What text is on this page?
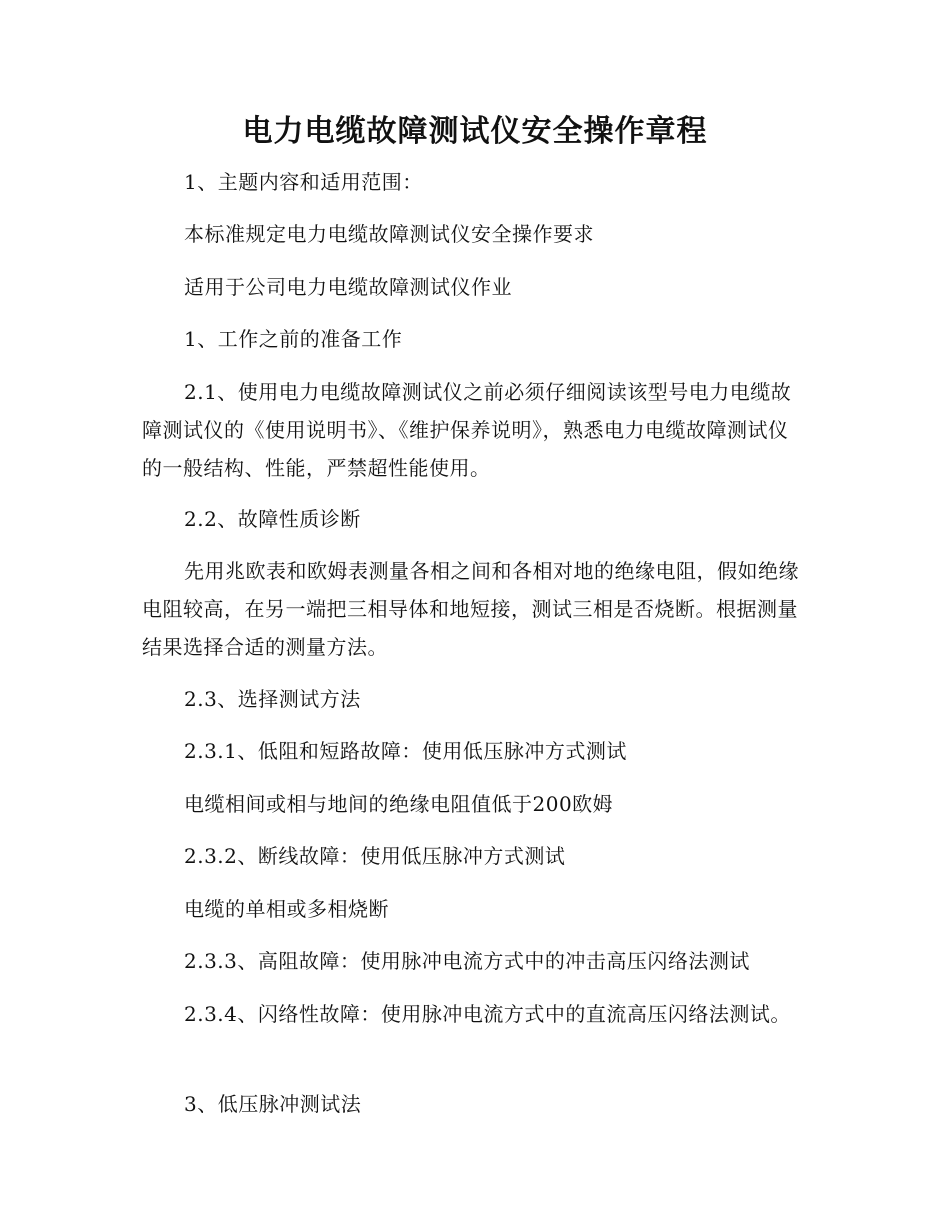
电力电缆故障测试仪安全操作章程
1、主题内容和适用范围：
本标准规定电力电缆故障测试仪安全操作要求
适用于公司电力电缆故障测试仪作业
1、工作之前的准备工作
2.1、使用电力电缆故障测试仪之前必须仔细阅读该型号电力电缆故障测试仪的《使用说明书》、《维护保养说明》，熟悉电力电缆故障测试仪的一般结构、性能，严禁超性能使用。
2.2、故障性质诊断
先用兆欧表和欧姆表测量各相之间和各相对地的绝缘电阻，假如绝缘电阻较高，在另一端把三相导体和地短接，测试三相是否烧断。根据测量结果选择合适的测量方法。
2.3、选择测试方法
2.3.1、低阻和短路故障：使用低压脉冲方式测试
电缆相间或相与地间的绝缘电阻值低于200欧姆
2.3.2、断线故障：使用低压脉冲方式测试
电缆的单相或多相烧断
2.3.3、高阻故障：使用脉冲电流方式中的冲击高压闪络法测试
2.3.4、闪络性故障：使用脉冲电流方式中的直流高压闪络法测试。
3、低压脉冲测试法
